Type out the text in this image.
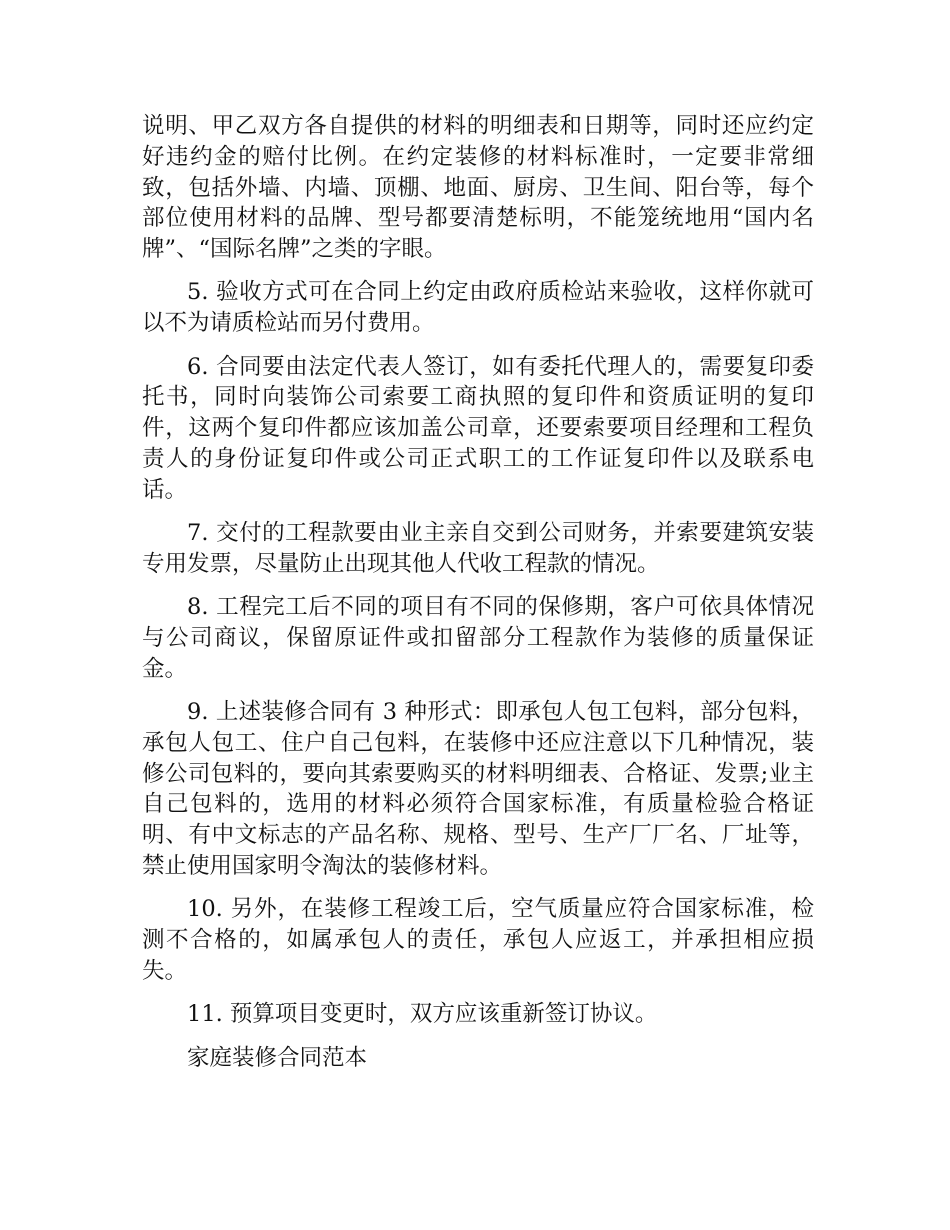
说明、甲乙双方各自提供的材料的明细表和日期等，同时还应约定好违约金的赔付比例。在约定装修的材料标准时，一定要非常细致，包括外墙、内墙、顶棚、地面、厨房、卫生间、阳台等，每个部位使用材料的品牌、型号都要清楚标明，不能笼统地用“国内名牌”、“国际名牌”之类的字眼。

5. 验收方式可在合同上约定由政府质检站来验收，这样你就可以不为请质检站而另付费用。

6. 合同要由法定代表人签订，如有委托代理人的，需要复印委托书，同时向装饰公司索要工商执照的复印件和资质证明的复印件，这两个复印件都应该加盖公司章，还要索要项目经理和工程负责人的身份证复印件或公司正式职工的工作证复印件以及联系电话。

7. 交付的工程款要由业主亲自交到公司财务，并索要建筑安装专用发票，尽量防止出现其他人代收工程款的情况。

8. 工程完工后不同的项目有不同的保修期，客户可依具体情况与公司商议，保留原证件或扣留部分工程款作为装修的质量保证金。

9. 上述装修合同有 3 种形式：即承包人包工包料，部分包料，承包人包工、住户自己包料，在装修中还应注意以下几种情况，装修公司包料的，要向其索要购买的材料明细表、合格证、发票;业主自己包料的，选用的材料必须符合国家标准，有质量检验合格证明、有中文标志的产品名称、规格、型号、生产厂厂名、厂址等，禁止使用国家明令淘汰的装修材料。

10. 另外，在装修工程竣工后，空气质量应符合国家标准，检测不合格的，如属承包人的责任，承包人应返工，并承担相应损失。

11. 预算项目变更时，双方应该重新签订协议。

家庭装修合同范本
